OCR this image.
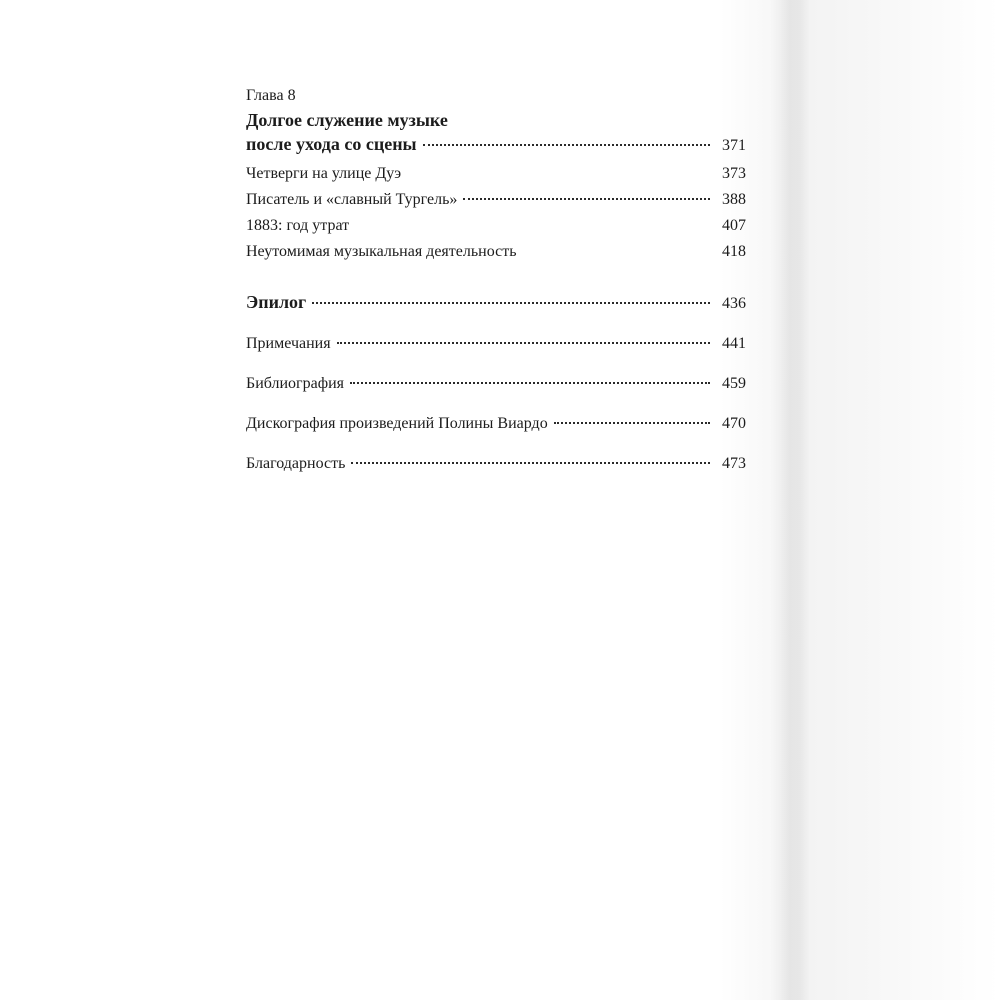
Глава 8
Долгое служение музыке
после ухода со сцены	371
Четверги на улице Дуэ	373
Писатель и «славный Тургель»	388
1883: год утрат	407
Неутомимая музыкальная деятельность	418
Эпилог	436
Примечания	441
Библиография	459
Дискография произведений Полины Виардо	470
Благодарность	473
